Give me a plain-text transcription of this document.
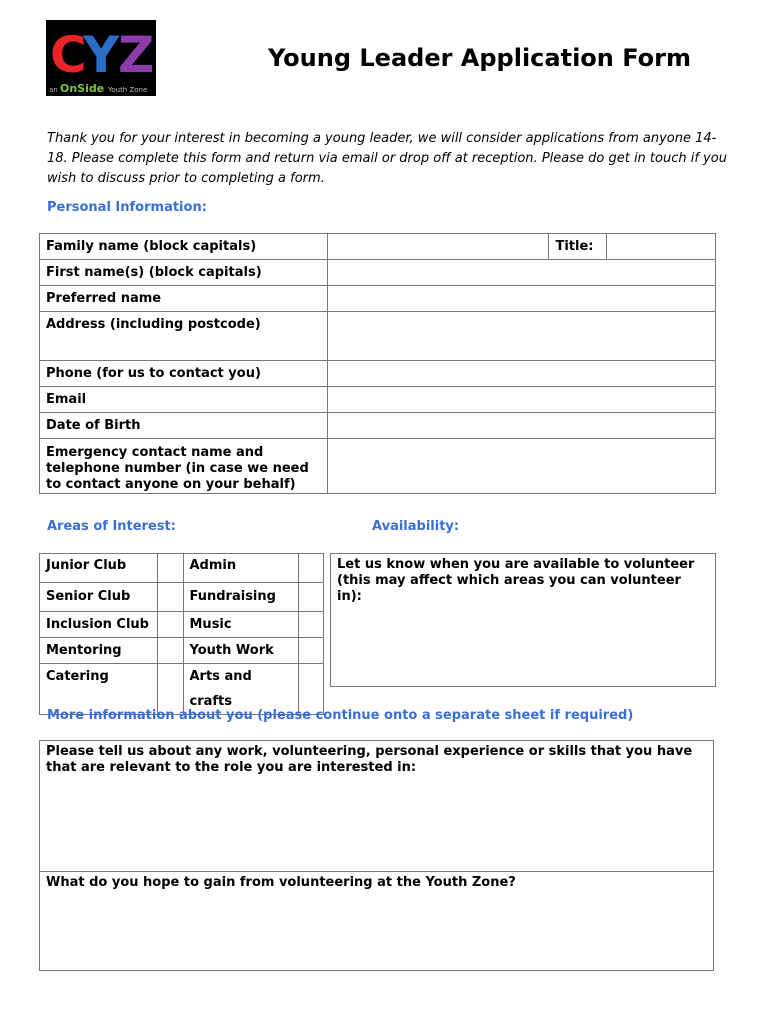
C
Y
Z
an OnSide Youth Zone
Young Leader Application Form
Thank you for your interest in becoming a young leader, we will consider applications from anyone 14-18. Please complete this form and return via email or drop off at reception. Please do get in touch if you wish to discuss prior to completing a form.
Personal Information:
Family name (block capitals)		Title:	
First name(s) (block capitals)			
Preferred name			
Address (including postcode)			
Phone (for us to contact you)			
Email			
Date of Birth			
Emergency contact name and telephone number (in case we need to contact anyone on your behalf)			
Areas of Interest:	Availability:
Junior Club		Admin	
Senior Club		Fundraising	
Inclusion Club		Music	
Mentoring		Youth Work	
Catering		Arts and crafts	
Let us know when you are available to volunteer (this may affect which areas you can volunteer in):
More information about you (please continue onto a separate sheet if required)
Please tell us about any work, volunteering, personal experience or skills that you have that are relevant to the role you are interested in:
What do you hope to gain from volunteering at the Youth Zone?
